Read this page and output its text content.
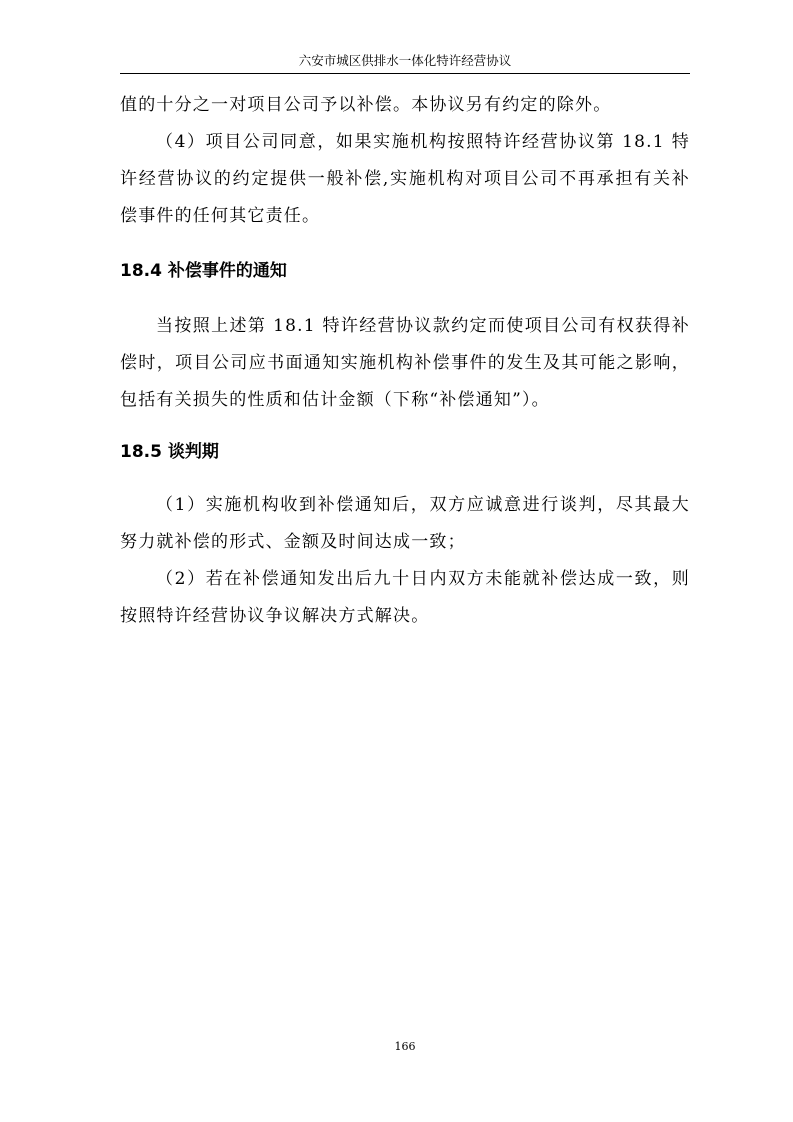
六安市城区供排水一体化特许经营协议

值的十分之一对项目公司予以补偿。本协议另有约定的除外。

（4）项目公司同意，如果实施机构按照特许经营协议第 18.1 特许经营协议的约定提供一般补偿,实施机构对项目公司不再承担有关补偿事件的任何其它责任。

18.4 补偿事件的通知

当按照上述第 18.1 特许经营协议款约定而使项目公司有权获得补偿时，项目公司应书面通知实施机构补偿事件的发生及其可能之影响，包括有关损失的性质和估计金额（下称“补偿通知”）。

18.5 谈判期

（1）实施机构收到补偿通知后，双方应诚意进行谈判，尽其最大努力就补偿的形式、金额及时间达成一致；

（2）若在补偿通知发出后九十日内双方未能就补偿达成一致，则按照特许经营协议争议解决方式解决。

166
